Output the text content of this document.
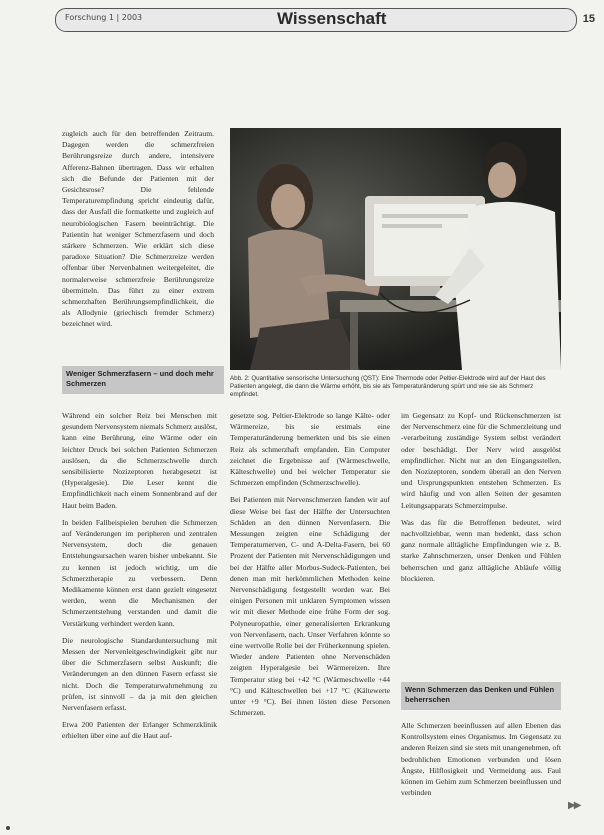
Forschung 1 | 2003	Wissenschaft	15

zugleich auch für den betreffenden Zeitraum. Dagegen werden die schmerzfreien Berührungsreize durch andere, intensivere Afferenz-Bahnen übertragen. Dass wir erhalten sich die Befunde der Patienten mit der Gesichtsrose? Die fehlende Temperaturempfindung spricht eindeutig dafür, dass der Ausfall die formatkette und zugleich auf neurobiologischen Fasern beeinträchtigt. Die Patientin hat weniger Schmerzfasern und doch stärkere Schmerzen. Wie erklärt sich diese paradoxe Situation? Die Schmerzreize werden offenbar über Nervenbahnen weitergeleitet, die normalerweise schmerzfreie Berührungsreize übermitteln. Das führt zu einer extrem schmerzhaften Berührungsempfindlichkeit, die als Allodynie (griechisch fremder Schmerz) bezeichnet wird.

Weniger Schmerzfasern – und doch mehr Schmerzen
Abb. 2: Quantitative sensorische Untersuchung (QST): Eine Thermode oder Peltier-Elektrode wird auf der Haut des Patienten angelegt, die dann die Wärme erhöht, bis sie als Temperaturänderung spürt und wie sie als Schmerz empfindet.

Während ein solcher Reiz bei Menschen mit gesundem Nervensystem niemals Schmerz auslöst, kann eine Berührung, eine Wärme oder ein leichter Druck bei solchen Patienten Schmerzen auslösen, da die Schmerzschwelle durch sensibilisierte Nozizeptoren herabgesetzt ist (Hyperalgesie). Die Leser kennt die Empfindlichkeit nach einem Sonnenbrand auf der Haut beim Baden.

In beiden Fallbeispielen beruhen die Schmerzen auf Veränderungen im peripheren und zentralen Nervensystem, doch die genauen Entstehungsursachen waren bisher unbekannt. Sie zu kennen ist jedoch wichtig, um die Schmerztherapie zu verbessern. Denn Medikamente können erst dann gezielt eingesetzt werden, wenn die Mechanismen der Schmerzentstehung verstanden und damit die Verstärkung verhindert werden kann.

Die neurologische Standarduntersuchung mit Messen der Nervenleitgeschwindigkeit gibt nur über die Schmerzfasern selbst Auskunft; die Veränderungen an den dünnen Fasern erfasst sie nicht. Doch die Temperaturwahrnehmung zu prüfen, ist sinnvoll – da ja mit den gleichen Nervenfasern erfasst.

Etwa 200 Patienten der Erlanger Schmerzklinik erhielten über eine auf die Haut auf-

gesetzte sog. Peltier-Elektrode so lange Kälte- oder Wärmereize, bis sie erstmals eine Temperaturänderung bemerkten und bis sie einen Reiz als schmerzhaft empfanden. Ein Computer zeichnet die Ergebnisse auf (Wärmeschwelle, Kälteschwelle) und bei welcher Temperatur sie Schmerzen empfinden (Schmerzschwelle).

Bei Patienten mit Nervenschmerzen fanden wir auf diese Weise bei fast der Hälfte der Untersuchten Schäden an den dünnen Nervenfasern. Die Messungen zeigten eine Schädigung der Temperaturnerven, C- und A-Delta-Fasern, bei 60 Prozent der Patienten mit Nervenschädigungen und bei der Hälfte aller Morbus-Sudeck-Patienten, bei denen man mit herkömmlichen Methoden keine Nervenschädigung festgestellt worden war. Bei einigen Personen mit unklaren Symptomen wissen wir mit dieser Methode eine frühe Form der sog. Polyneuropathie, einer generalisierten Erkrankung von Nervenfasern, nach. Unser Verfahren könnte so eine wertvolle Rolle bei der Früherkennung spielen. Wieder andere Patienten ohne Nervenschäden zeigten Hyperalgesie bei Wärmereizen. Ihre Temperatur stieg bei +42 °C (Wärmeschwelle +44 °C) und Kälteschwellen bei +17 °C (Kältewerte unter +9 °C). Bei ihnen lösten diese Personen Schmerzen.

im Gegensatz zu Kopf- und Rückenschmerzen ist der Nervenschmerz eine für die Schmerzleitung und -verarbeitung zuständige System selbst verändert oder beschädigt. Der Nerv wird ausgelöst empfindlicher. Nicht nur an den Eingangsstellen, den Nozizeptoren, sondern überall an den Nerven und Ursprungspunkten entstehen Schmerzen. Es wird häufig und von allen Seiten der gesamten Leitungsapparats Schmerzimpulse.

Was das für die Betroffenen bedeutet, wird nachvollziehbar, wenn man bedenkt, dass schon ganz normale alltägliche Empfindungen wie z. B. starke Zahnschmerzen, unser Denken und Fühlen beherrschen und ganz alltägliche Abläufe völlig blockieren.

Wenn Schmerzen das Denken und Fühlen beherrschen

Alle Schmerzen beeinflussen auf allen Ebenen das Kontrollsystem eines Organismus. Im Gegensatz zu anderen Reizen sind sie stets mit unangenehmen, oft bedrohlichen Emotionen verbunden und lösen Ängste, Hilflosigkeit und Vermeidung aus. Faul können im Gehirn zum Schmerzen beeinflussen und verbinden

▶▶
